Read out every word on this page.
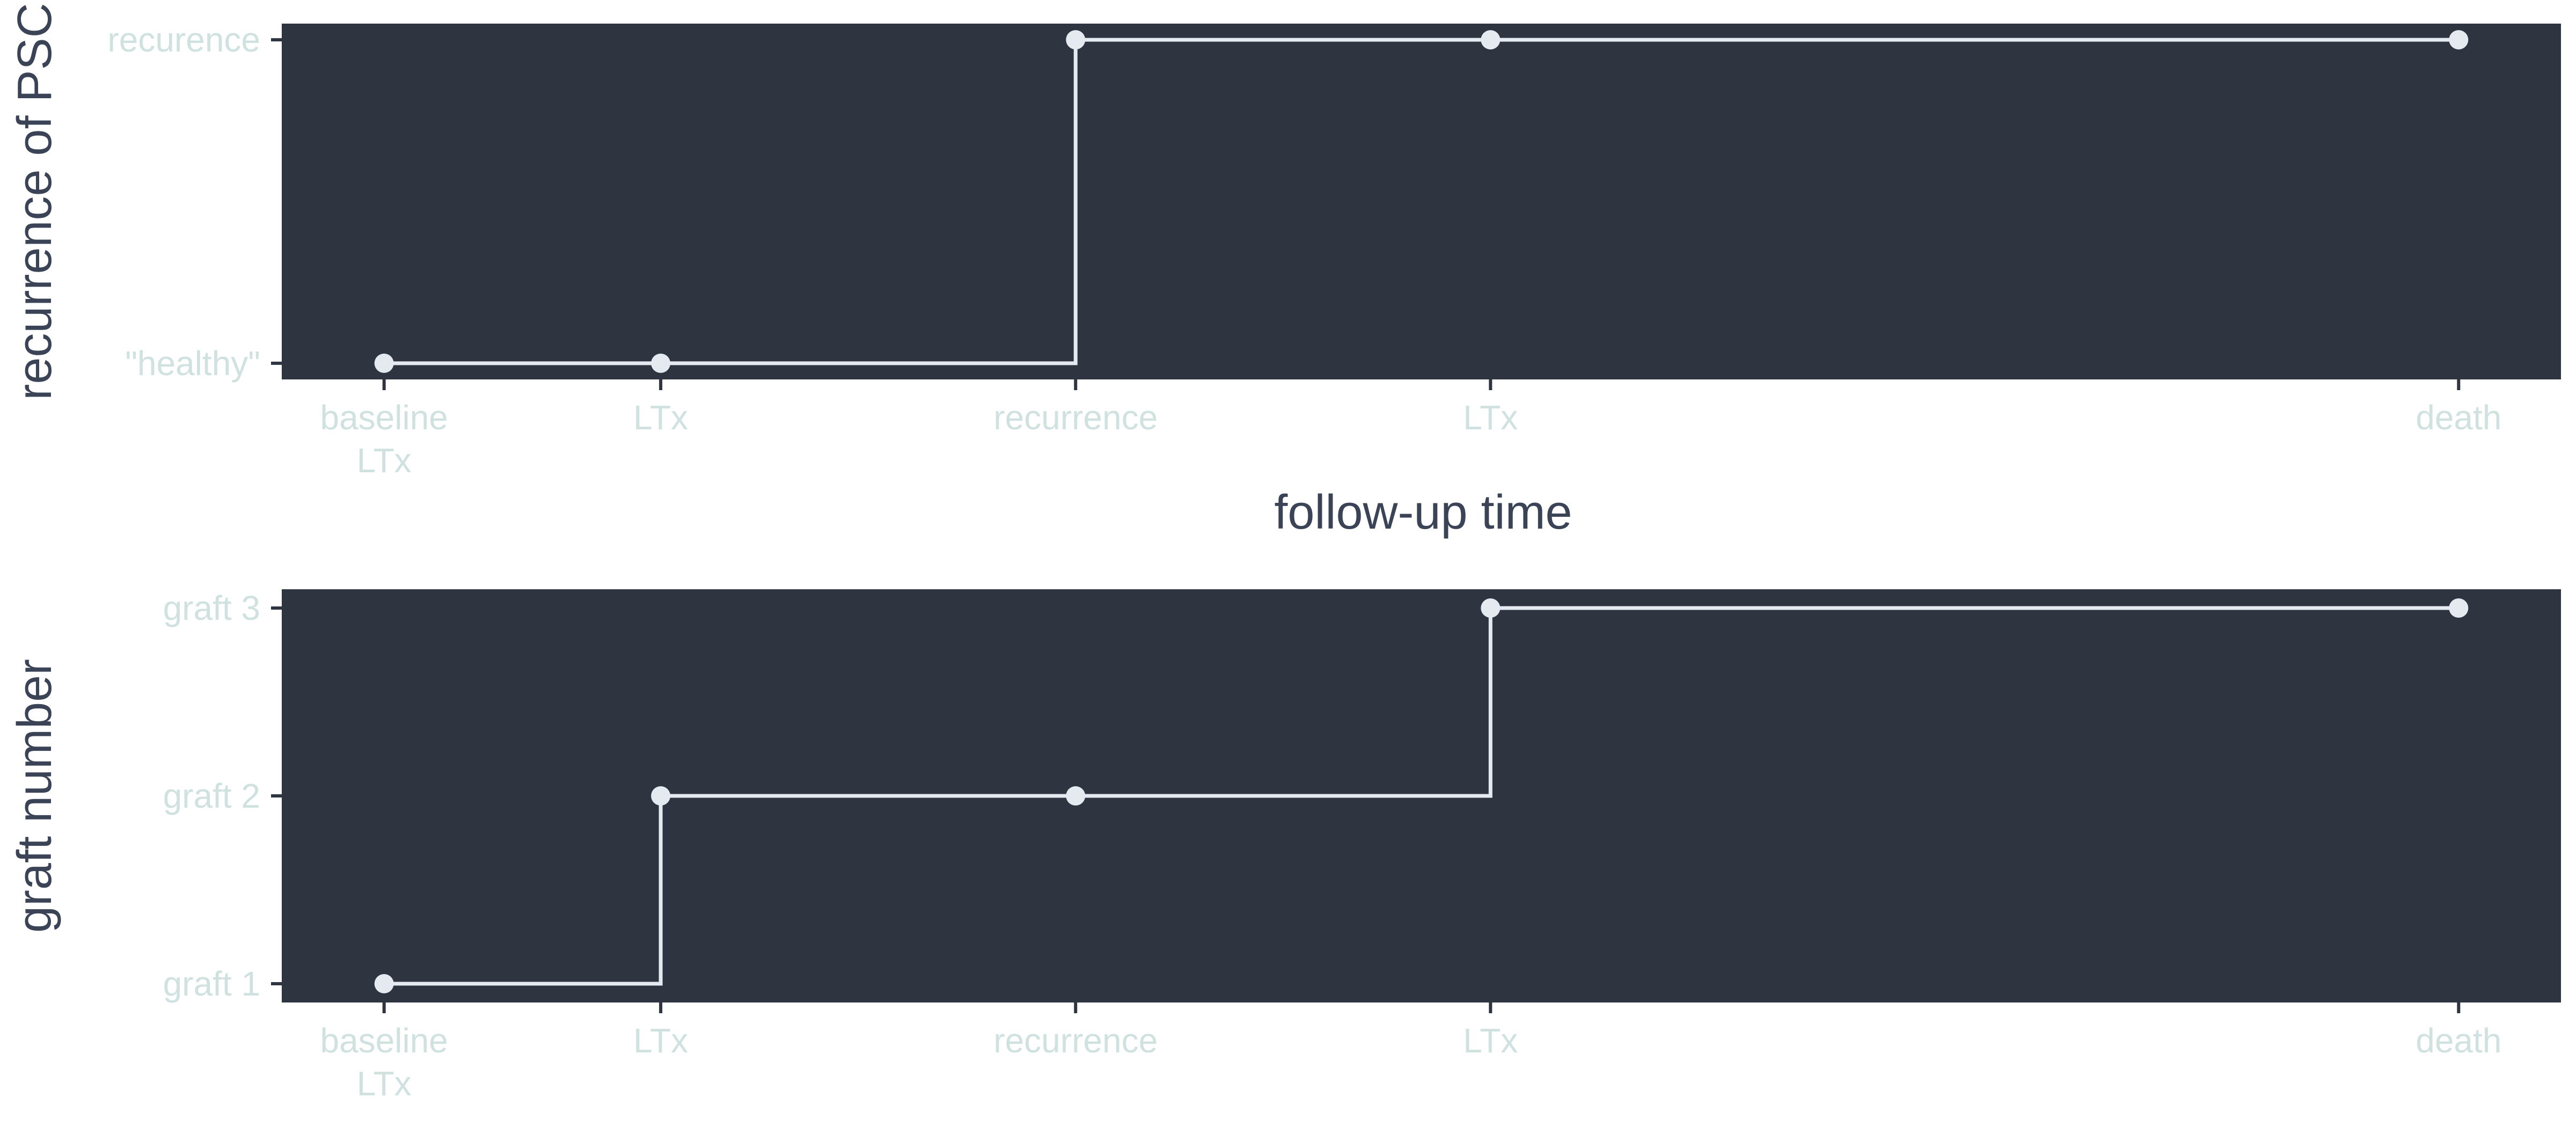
"healthy"
recurence
baseline LTx
LTx	recurrence	LTx	death
recurrence of PSC
graft 1
graft 2
graft 3
baseline LTx
LTx	recurrence	LTx	death
graft number
follow-up time
